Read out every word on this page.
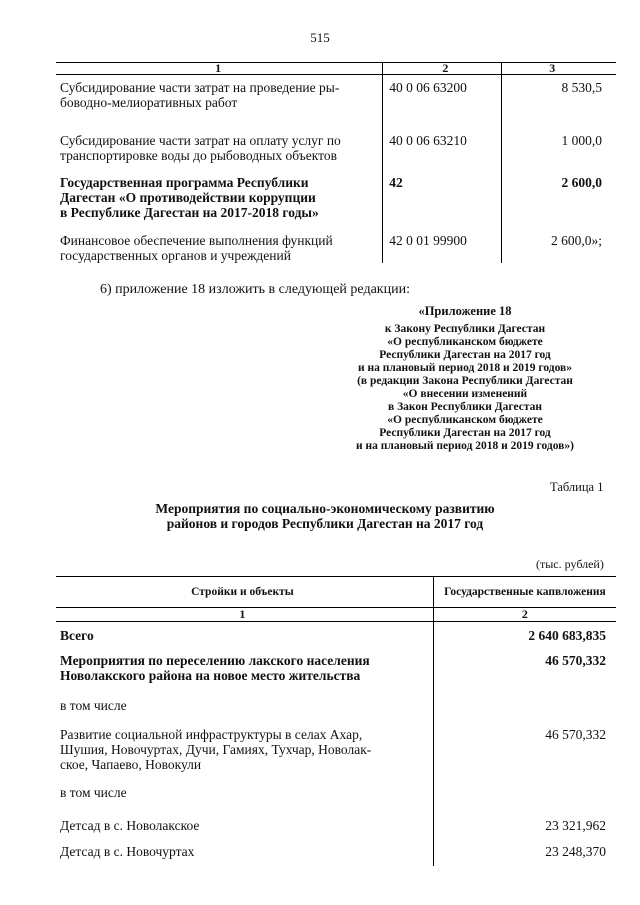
515
1	2	3
Субсидирование части затрат на проведение ры-
боводно-мелиоративных работ	40 0 06 63200	8 530,5
Субсидирование части затрат на оплату услуг по
транспортировке воды до рыбоводных объектов	40 0 06 63210	1 000,0
Государственная программа Республики
Дагестан «О противодействии коррупции
в Республике Дагестан на 2017-2018 годы»	42	2 600,0
Финансовое обеспечение выполнения функций
государственных органов и учреждений	42 0 01 99900	2 600,0»;
6) приложение 18 изложить в следующей редакции:
«Приложение 18
к Закону Республики Дагестан
«О республиканском бюджете
Республики Дагестан на 2017 год
и на плановый период 2018 и 2019 годов»
(в редакции Закона Республики Дагестан
«О внесении изменений
в Закон Республики Дагестан
«О республиканском бюджете
Республики Дагестан на 2017 год
и на плановый период 2018 и 2019 годов»)
Таблица 1
Мероприятия по социально-экономическому развитию
районов и городов Республики Дагестан на 2017 год
(тыс. рублей)
Стройки и объекты	Государственные капвложения
1	2
Всего	2 640 683,835
Мероприятия по переселению лакского населения
Новолакского района на новое место жительства	46 570,332
в том числе	
Развитие социальной инфраструктуры в селах Ахар,
Шушия, Новочуртах, Дучи, Гамиях, Тухчар, Новолак-
ское, Чапаево, Новокули	46 570,332
в том числе	
Детсад в с. Новолакское	23 321,962
Детсад в с. Новочуртах	23 248,370
